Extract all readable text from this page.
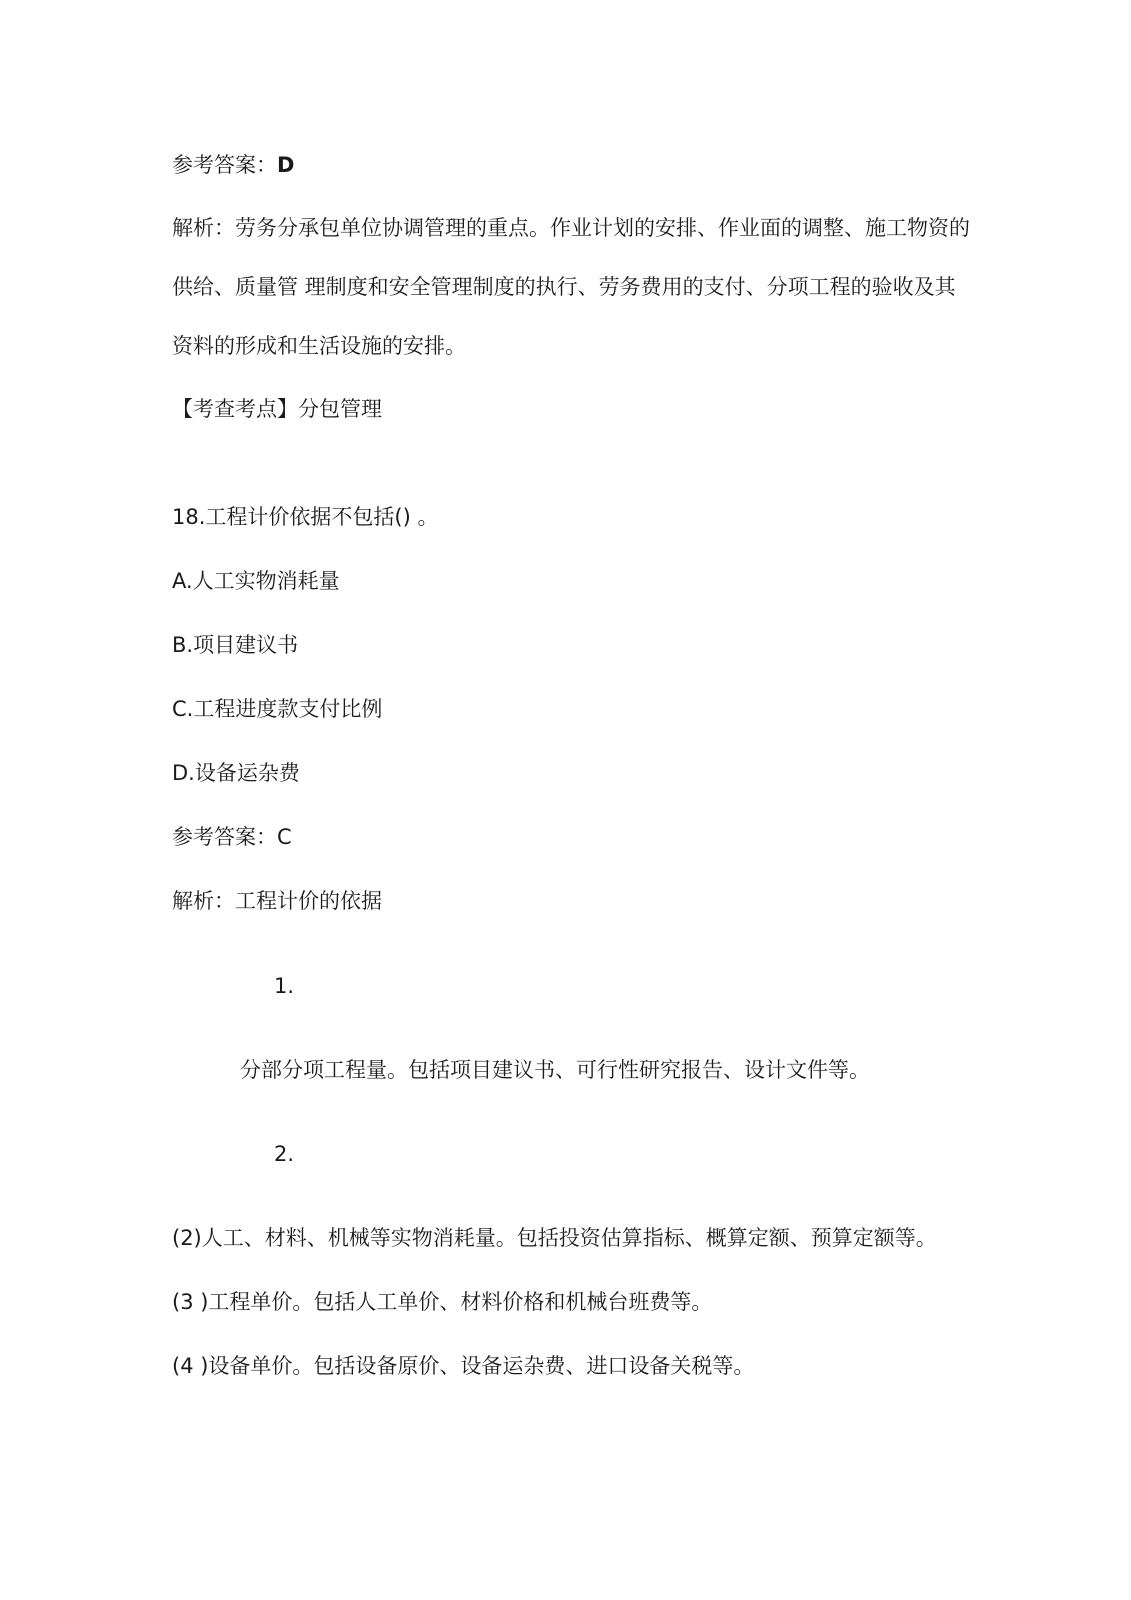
参考答案：D
解析：劳务分承包单位协调管理的重点。作业计划的安排、作业面的调整、施工物资的
供给、质量管 理制度和安全管理制度的执行、劳务费用的支付、分项工程的验收及其
资料的形成和生活设施的安排。
【考查考点】分包管理
18.工程计价依据不包括() 。
A.人工实物消耗量
B.项目建议书
C.工程进度款支付比例
D.设备运杂费
参考答案：C
解析：工程计价的依据
1.
分部分项工程量。包括项目建议书、可行性研究报告、设计文件等。
2.
(2)人工、材料、机械等实物消耗量。包括投资估算指标、概算定额、预算定额等。
(3 )工程单价。包括人工单价、材料价格和机械台班费等。
(4 )设备单价。包括设备原价、设备运杂费、进口设备关税等。
